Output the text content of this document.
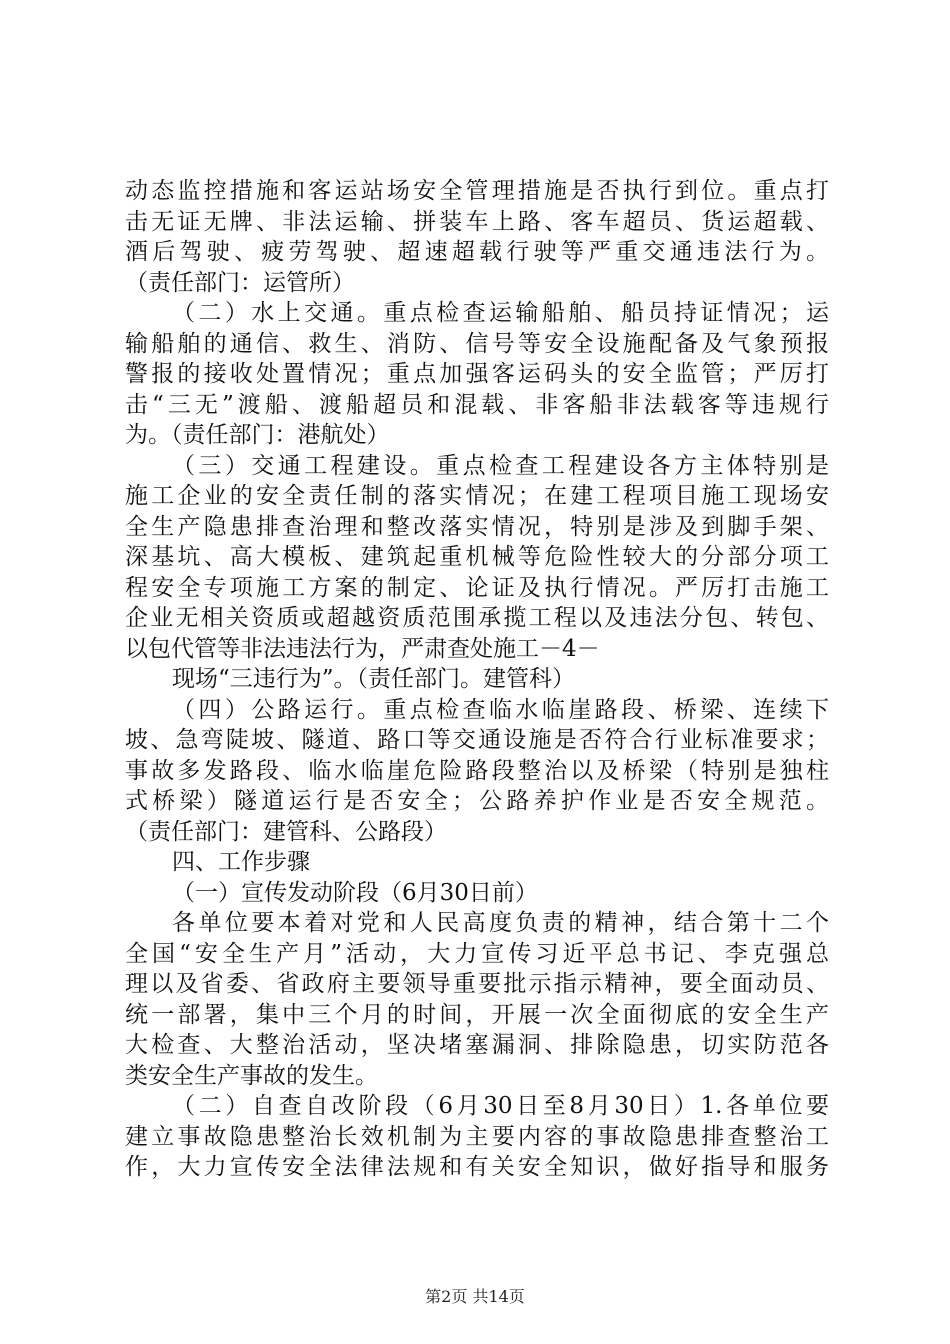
动态监控措施和客运站场安全管理措施是否执行到位。重点打
击无证无牌、非法运输、拼装车上路、客车超员、货运超载、
酒后驾驶、疲劳驾驶、超速超载行驶等严重交通违法行为。
（责任部门：运管所）
（二）水上交通。重点检查运输船舶、船员持证情况；运
输船舶的通信、救生、消防、信号等安全设施配备及气象预报
警报的接收处置情况；重点加强客运码头的安全监管；严厉打
击“三无”渡船、渡船超员和混载、非客船非法载客等违规行
为。（责任部门：港航处）
（三）交通工程建设。重点检查工程建设各方主体特别是
施工企业的安全责任制的落实情况；在建工程项目施工现场安
全生产隐患排查治理和整改落实情况，特别是涉及到脚手架、
深基坑、高大模板、建筑起重机械等危险性较大的分部分项工
程安全专项施工方案的制定、论证及执行情况。严厉打击施工
企业无相关资质或超越资质范围承揽工程以及违法分包、转包、
以包代管等非法违法行为，严肃查处施工－4－
现场“三违行为”。（责任部门。建管科）
（四）公路运行。重点检查临水临崖路段、桥梁、连续下
坡、急弯陡坡、隧道、路口等交通设施是否符合行业标准要求；
事故多发路段、临水临崖危险路段整治以及桥梁（特别是独柱
式桥梁）隧道运行是否安全；公路养护作业是否安全规范。
（责任部门：建管科、公路段）
四、工作步骤
（一）宣传发动阶段（6月30日前）
各单位要本着对党和人民高度负责的精神，结合第十二个
全国“安全生产月”活动，大力宣传习近平总书记、李克强总
理以及省委、省政府主要领导重要批示指示精神，要全面动员、
统一部署，集中三个月的时间，开展一次全面彻底的安全生产
大检查、大整治活动，坚决堵塞漏洞、排除隐患，切实防范各
类安全生产事故的发生。
（二）自查自改阶段（6月30日至8月30日）1.各单位要
建立事故隐患整治长效机制为主要内容的事故隐患排查整治工
作，大力宣传安全法律法规和有关安全知识，做好指导和服务
第2页 共14页
